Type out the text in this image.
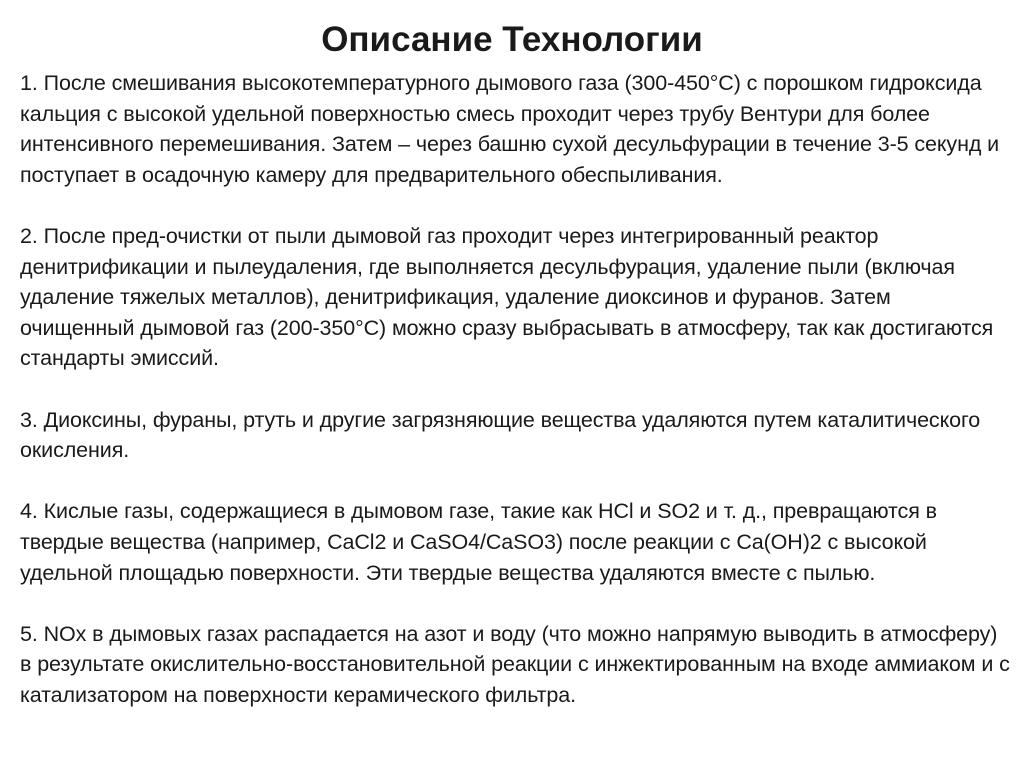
Описание Технологии

1. После смешивания высокотемпературного дымового газа (300-450°C) с порошком гидроксида кальция с высокой удельной поверхностью смесь проходит через трубу Вентури для более интенсивного перемешивания. Затем – через башню сухой десульфурации в течение 3-5 секунд и поступает в осадочную камеру для предварительного обеспыливания.

2. После пред-очистки от пыли дымовой газ проходит через интегрированный реактор денитрификации и пылеудаления, где выполняется десульфурация, удаление пыли (включая удаление тяжелых металлов), денитрификация, удаление диоксинов и фуранов. Затем очищенный дымовой газ (200-350°C) можно сразу выбрасывать в атмосферу, так как достигаются стандарты эмиссий.

3. Диоксины, фураны, ртуть и другие загрязняющие вещества удаляются путем каталитического окисления.

4. Кислые газы, содержащиеся в дымовом газе, такие как HCl и SO2 и т. д., превращаются в твердые вещества (например, CaCl2 и CaSO4/CaSO3) после реакции с Ca(OH)2 с высокой удельной площадью поверхности. Эти твердые вещества удаляются вместе с пылью.

5. NOx в дымовых газах распадается на азот и воду (что можно напрямую выводить в атмосферу) в результате окислительно-восстановительной реакции с инжектированным на входе аммиаком и с катализатором на поверхности керамического фильтра.
